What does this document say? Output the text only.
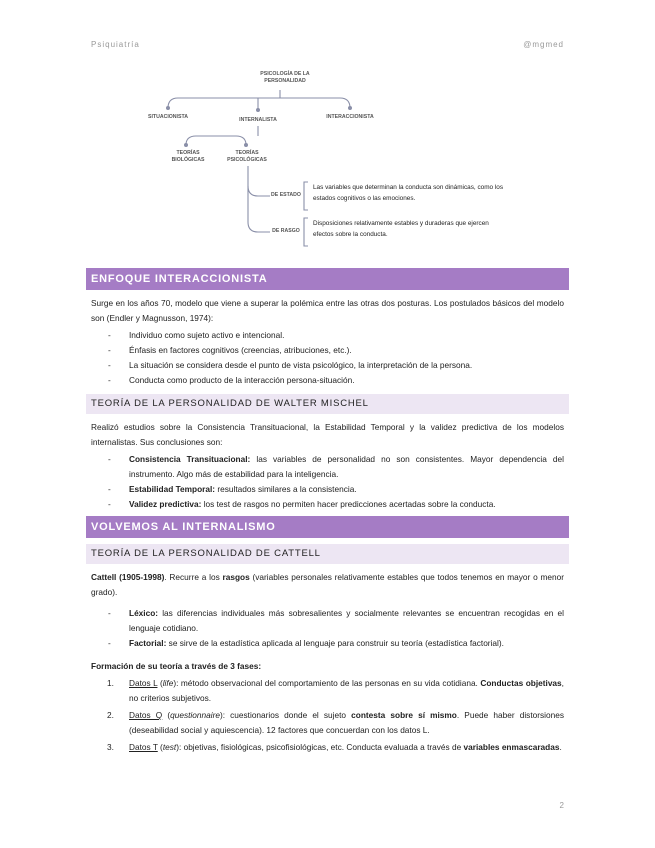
Psiquiatría	@mgmed
PSICOLOGÍA DE LA PERSONALIDAD
SITUACIONISTA	INTERNALISTA	INTERACCIONISTA
TEORÍAS BIOLÓGICAS
TEORÍAS PSICOLÓGICAS
DE ESTADO
DE RASGO
Las variables que determinan la conducta son dinámicas, como los estados cognitivos o las emociones.
Disposiciones relativamente estables y duraderas que ejercen efectos sobre la conducta.
ENFOQUE INTERACCIONISTA

Surge en los años 70, modelo que viene a superar la polémica entre las otras dos posturas. Los postulados básicos del modelo son (Endler y Magnusson, 1974):

- Individuo como sujeto activo e intencional.
- Énfasis en factores cognitivos (creencias, atribuciones, etc.).
- La situación se considera desde el punto de vista psicológico, la interpretación de la persona.
- Conducta como producto de la interacción persona-situación.
TEORÍA DE LA PERSONALIDAD DE WALTER MISCHEL

Realizó estudios sobre la Consistencia Transituacional, la Estabilidad Temporal y la validez predictiva de los modelos internalistas. Sus conclusiones son:

- Consistencia Transituacional: las variables de personalidad no son consistentes. Mayor dependencia del instrumento. Algo más de estabilidad para la inteligencia.
- Estabilidad Temporal: resultados similares a la consistencia.
- Validez predictiva: los test de rasgos no permiten hacer predicciones acertadas sobre la conducta.
VOLVEMOS AL INTERNALISMO
TEORÍA DE LA PERSONALIDAD DE CATTELL

Cattell (1905-1998). Recurre a los rasgos (variables personales relativamente estables que todos tenemos en mayor o menor grado).

- Léxico: las diferencias individuales más sobresalientes y socialmente relevantes se encuentran recogidas en el lenguaje cotidiano.
- Factorial: se sirve de la estadística aplicada al lenguaje para construir su teoría (estadística factorial).

Formación de su teoría a través de 3 fases:

1. Datos L (life): método observacional del comportamiento de las personas en su vida cotidiana. Conductas objetivas, no criterios subjetivos.
2. Datos Q (questionnaire): cuestionarios donde el sujeto contesta sobre sí mismo. Puede haber distorsiones (deseabilidad social y aquiescencia). 12 factores que concuerdan con los datos L.
3. Datos T (test): objetivas, fisiológicas, psicofisiológicas, etc. Conducta evaluada a través de variables enmascaradas.
2
